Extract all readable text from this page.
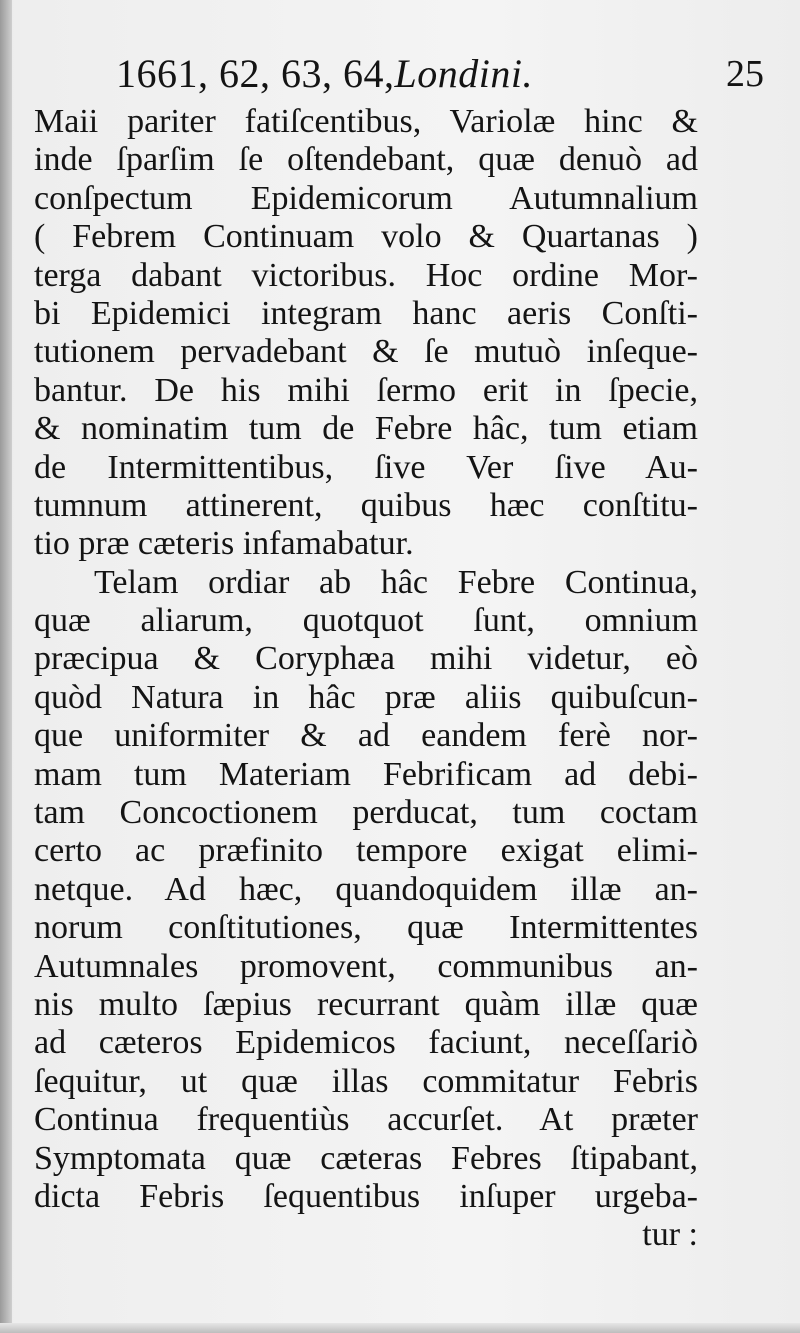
1661, 62, 63, 64,Londini.	25
Maii pariter fatiſcentibus, Variolæ hinc &
inde ſparſim ſe oſtendebant, quæ denuò ad
conſpectum Epidemicorum Autumnalium
( Febrem Continuam volo & Quartanas )
terga dabant victoribus. Hoc ordine Mor-
bi Epidemici integram hanc aeris Conſti-
tutionem pervadebant & ſe mutuò inſeque-
bantur. De his mihi ſermo erit in ſpecie,
& nominatim tum de Febre hâc, tum etiam
de Intermittentibus, ſive Ver ſive Au-
tumnum attinerent, quibus hæc conſtitu-
tio præ cæteris infamabatur.
Telam ordiar ab hâc Febre Continua,
quæ aliarum, quotquot ſunt, omnium
præcipua & Coryphæa mihi videtur, eò
quòd Natura in hâc præ aliis quibuſcun-
que uniformiter & ad eandem ferè nor-
mam tum Materiam Febrificam ad debi-
tam Concoctionem perducat, tum coctam
certo ac præfinito tempore exigat elimi-
netque. Ad hæc, quandoquidem illæ an-
norum conſtitutiones, quæ Intermittentes
Autumnales promovent, communibus an-
nis multo ſæpius recurrant quàm illæ quæ
ad cæteros Epidemicos faciunt, neceſſariò
ſequitur, ut quæ illas commitatur Febris
Continua frequentiùs accurſet. At præter
Symptomata quæ cæteras Febres ſtipabant,
dicta Febris ſequentibus inſuper urgeba-
tur :
